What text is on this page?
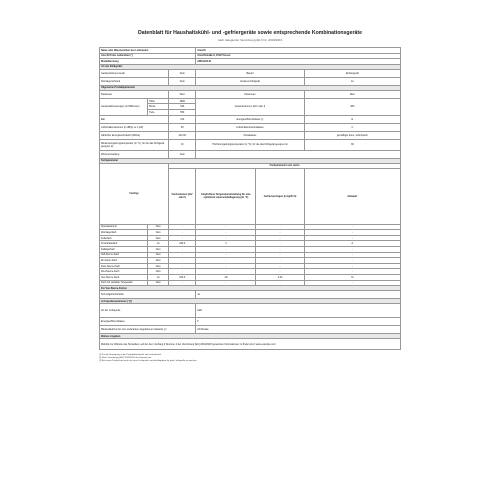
Datenblatt für Haushaltskühl- und -gefriergeräte sowie entsprechende Kombinationsgeräte
nach delegierter Verordnung (EU) Nr. 2019/2016
Name oder Warenzeichen des Lieferanten			Amstift		
Anschrift des Lieferanten (¹)			Amstiftstraße 8, 45127 Essen		
Modellkennung			AMS1234-01		
Art des Kühlgeräts					
Geräuscharmes Gerät		Nein	Bauart		Einbaugerät
Weinlagerschrank		Nein	Anderes Kühlgerät		Ja
Allgemeine Produktparameter					
Parameter		Wert	Parameter		Wert
Gesamtabmessungen (in Millimeter)	Höhe	1800	Gesamtvolumen (dm³ oder l)		280
	Breite	540			
	Tiefe	550			
EEI		100	Energieeffizienzklasse (¹)		E
Luftschallemissionen (in dB(A) re 1 pW)		38	Luftschallemissionsklasse		C
Jährlicher Energieverbrauch (kWh/a)		210.00	Klimaklasse		gemäßigte Zone, subtropisch
Mindestumgebungstemperatur (in °C), für die das Kühlgerät geeignet ist		10	Höchstumgebungstemperatur (in °C), für die das Kühlgerät geeignet ist		38
Wintereinstellung		Nein			
Fachparameter					
Fachtyp		Fachparameter und -werte			
		Fachvolumen (dm³ oder l)	Empfohlene Temperatureinstellung für eine optimierte Lebensmittellagerung (in °C)	Gefriervermögen (in kg/24 h)	Abtauart
Speisekammer	Nein	-	-	-	-
Weinlagerfach	Nein	-	-	-	-
Kellerfach	Nein	-	-	-	-
Frischhaltefach	Ja	180.0	4	-	A
Kaltlagerfach	Nein	-	-	-	-
Null-Sterne-Fach	Nein	-	-	-	-
Ein-Stern-Fach	Nein	-	-	-	-
Zwei-Sterne-Fach	Nein	-	-	-	-
Drei-Sterne-Fach	Nein	-	-	-	-
Vier-Sterne-Fach	Ja	100.0	-18	4.00	M
Fach mit variabler Temperatur	Nein	-	-	-	-
Für Vier-Sterne-Fächer					
Schnellgefrierfunktion			Ja		
Lichtquellenparameter (¹)(²)					
Art der Lichtquelle			LED		
Energieeffizienzklasse			F		
Mindestlaufzeit der vom Lieferanten angebotenen Garantie (¹)			24 Monate		
Weitere Angaben					
Weblink zur Website des Herstellers, auf der die in Anhang II Nummer 4 der Verordnung (EU) 2019/2023 genannten Informationen zu finden sind: www.example.com					
(¹) Für die Eintragung in der Produktdatenbank nicht erforderlich.
(²) Nach Verordnung (EU) 2019/2015 der Kommission.
(³) Bei einem Produkt mit mehr als einer Lichtquelle sind die Angaben für jede Lichtquelle zu machen.
